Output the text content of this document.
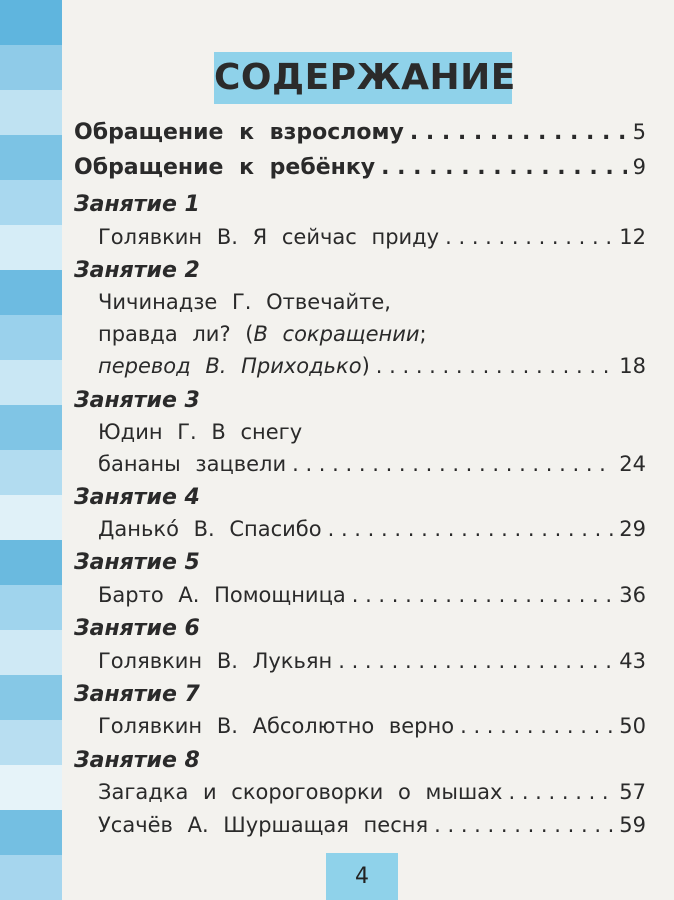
СОДЕРЖАНИЕ
Обращение к взрослому . . .	5
Обращение к ребёнку . . .	9
Занятие 1
Голявкин В. Я сейчас приду . . .	12
Занятие 2
Чичинадзе Г. Отвечайте,
правда ли? (В сокращении;
перевод В. Приходько) . . .	18
Занятие 3
Юдин Г. В снегу
бананы зацвели . . .	24
Занятие 4
Данько́ В. Спасибо . . .	29
Занятие 5
Барто А. Помощница . . .	36
Занятие 6
Голявкин В. Лукьян . . .	43
Занятие 7
Голявкин В. Абсолютно верно . . .	50
Занятие 8
Загадка и скороговорки о мышах . . .	57
Усачёв А. Шуршащая песня . . .	59
4
